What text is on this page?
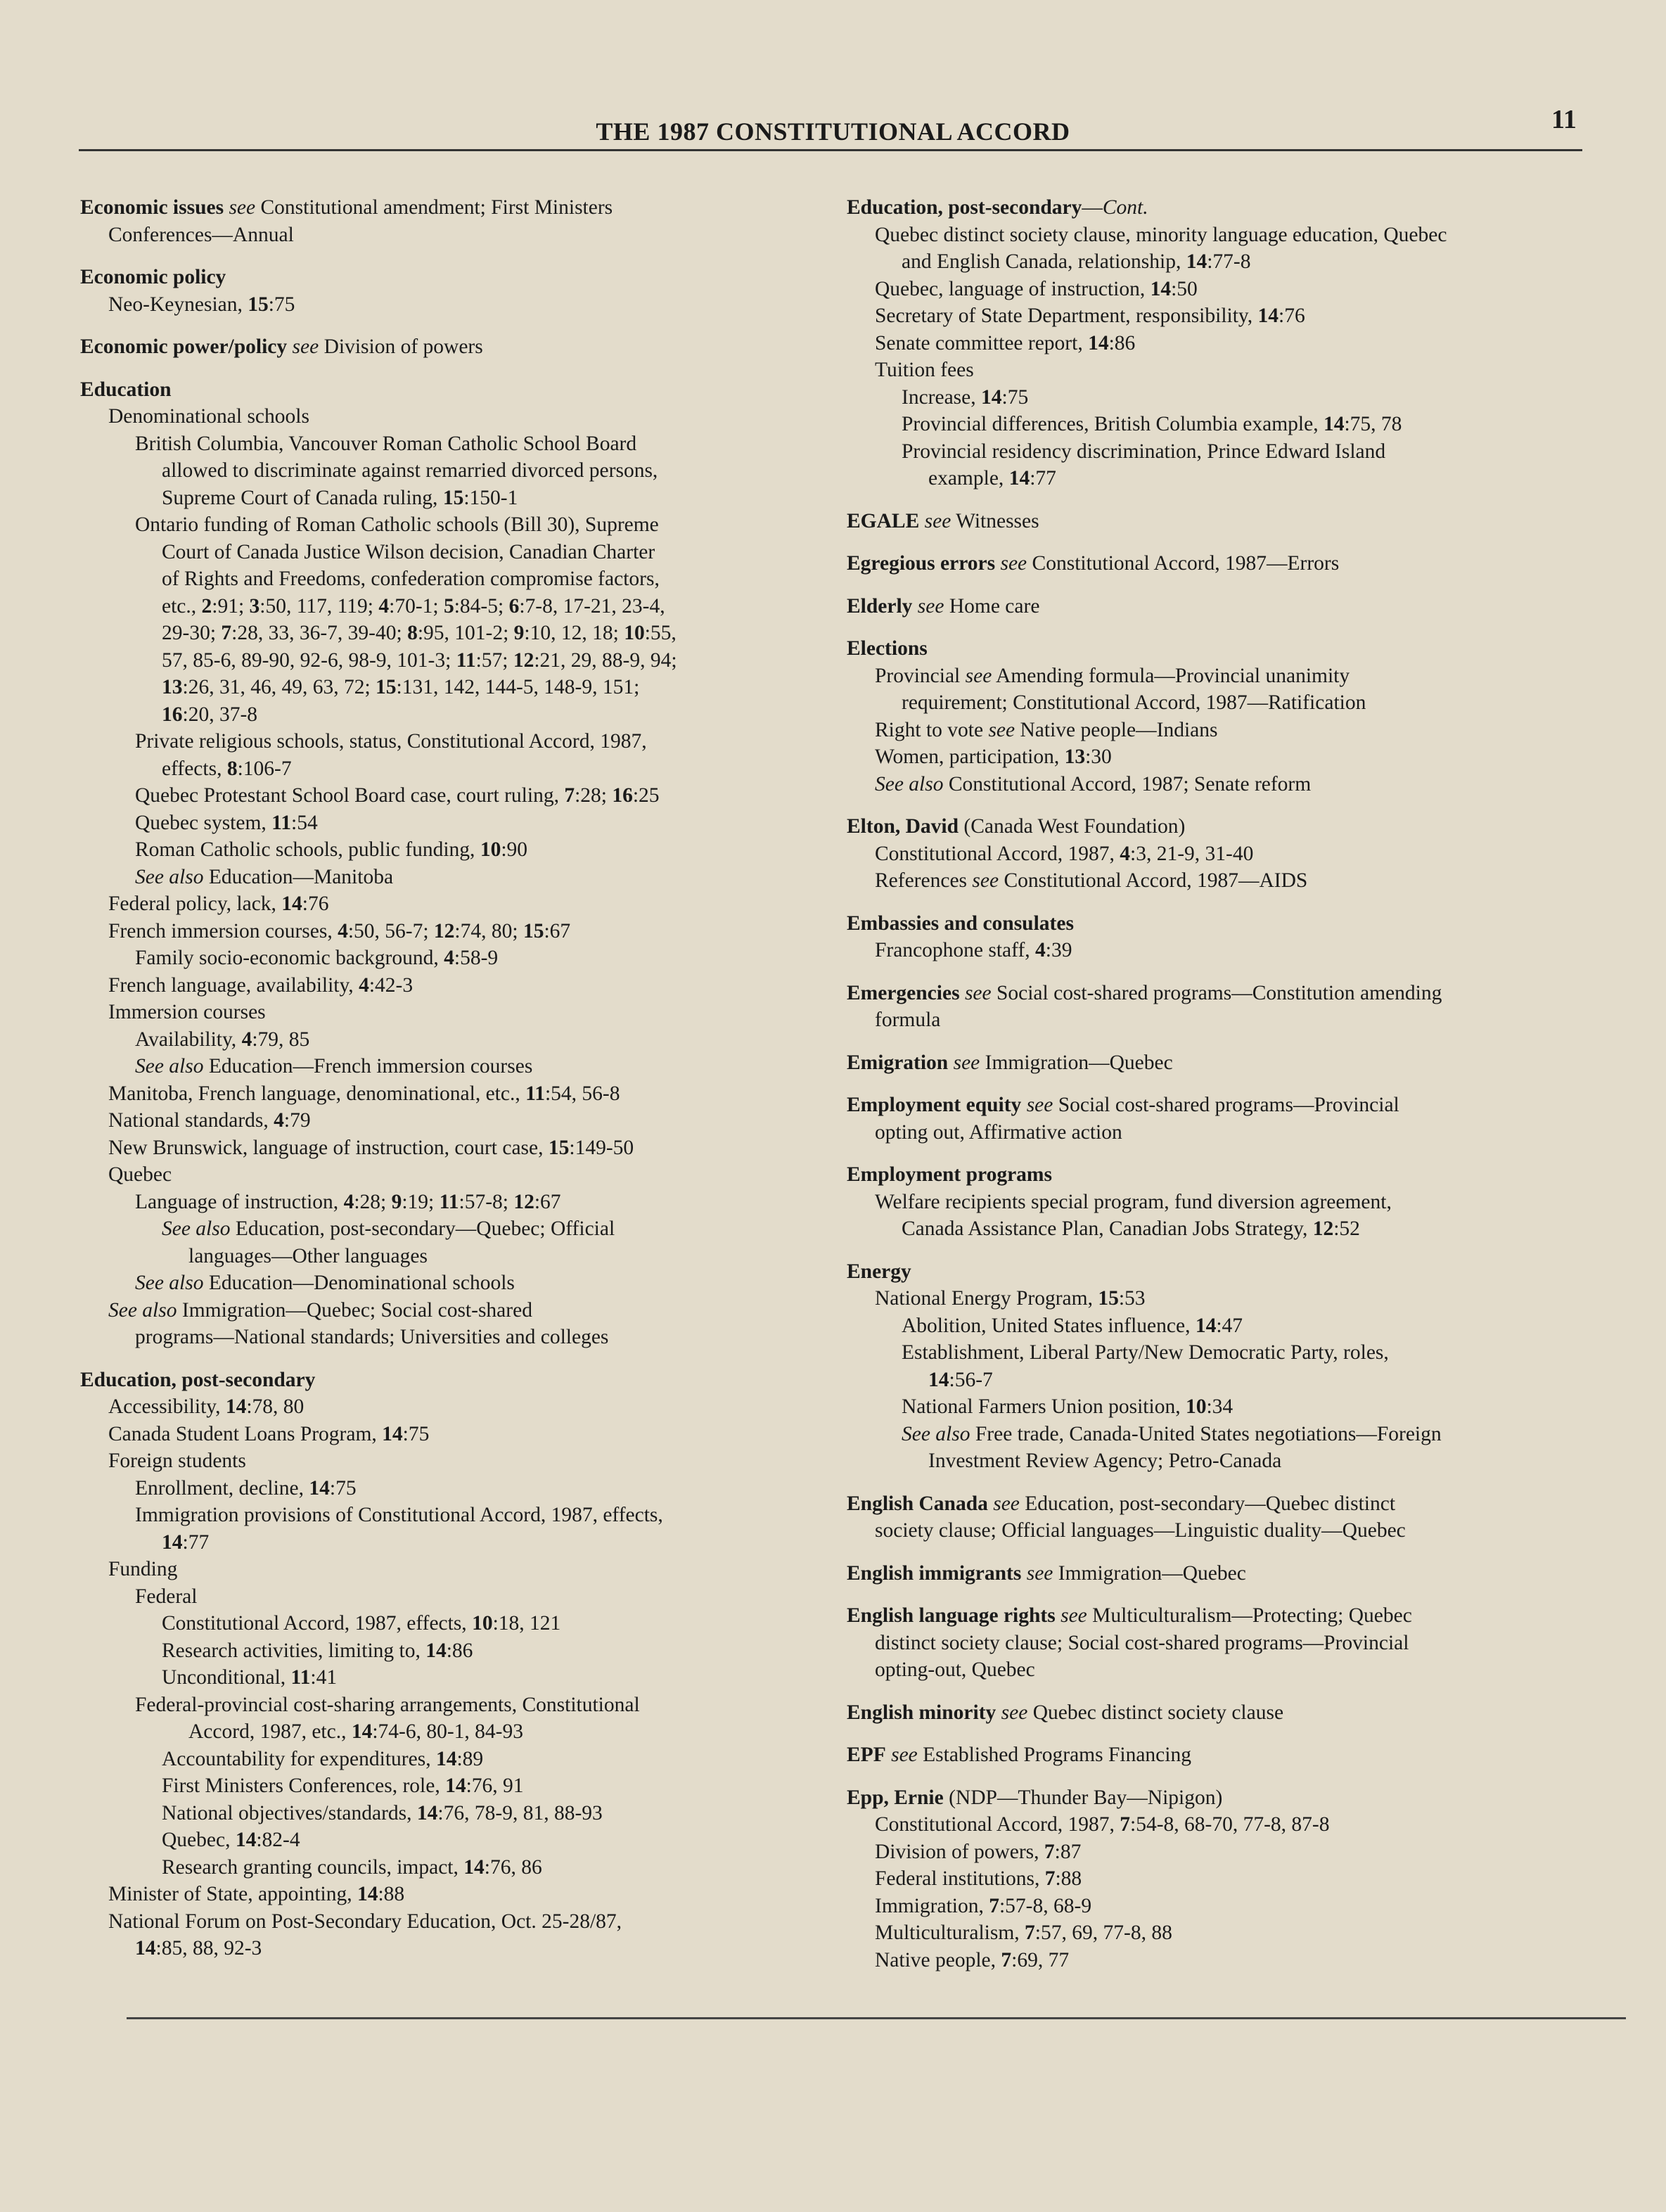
THE 1987 CONSTITUTIONAL ACCORD	11
Economic issues see Constitutional amendment; First Ministers
Conferences—Annual
Economic policy
Neo-Keynesian, 15:75
Economic power/policy see Division of powers
Education
Denominational schools
British Columbia, Vancouver Roman Catholic School Board
allowed to discriminate against remarried divorced persons,
Supreme Court of Canada ruling, 15:150-1
Ontario funding of Roman Catholic schools (Bill 30), Supreme
Court of Canada Justice Wilson decision, Canadian Charter
of Rights and Freedoms, confederation compromise factors,
etc., 2:91; 3:50, 117, 119; 4:70-1; 5:84-5; 6:7-8, 17-21, 23-4,
29-30; 7:28, 33, 36-7, 39-40; 8:95, 101-2; 9:10, 12, 18; 10:55,
57, 85-6, 89-90, 92-6, 98-9, 101-3; 11:57; 12:21, 29, 88-9, 94;
13:26, 31, 46, 49, 63, 72; 15:131, 142, 144-5, 148-9, 151;
16:20, 37-8
Private religious schools, status, Constitutional Accord, 1987,
effects, 8:106-7
Quebec Protestant School Board case, court ruling, 7:28; 16:25
Quebec system, 11:54
Roman Catholic schools, public funding, 10:90
See also Education—Manitoba
Federal policy, lack, 14:76
French immersion courses, 4:50, 56-7; 12:74, 80; 15:67
Family socio-economic background, 4:58-9
French language, availability, 4:42-3
Immersion courses
Availability, 4:79, 85
See also Education—French immersion courses
Manitoba, French language, denominational, etc., 11:54, 56-8
National standards, 4:79
New Brunswick, language of instruction, court case, 15:149-50
Quebec
Language of instruction, 4:28; 9:19; 11:57-8; 12:67
See also Education, post-secondary—Quebec; Official
languages—Other languages
See also Education—Denominational schools
See also Immigration—Quebec; Social cost-shared
programs—National standards; Universities and colleges
Education, post-secondary
Accessibility, 14:78, 80
Canada Student Loans Program, 14:75
Foreign students
Enrollment, decline, 14:75
Immigration provisions of Constitutional Accord, 1987, effects,
14:77
Funding
Federal
Constitutional Accord, 1987, effects, 10:18, 121
Research activities, limiting to, 14:86
Unconditional, 11:41
Federal-provincial cost-sharing arrangements, Constitutional
Accord, 1987, etc., 14:74-6, 80-1, 84-93
Accountability for expenditures, 14:89
First Ministers Conferences, role, 14:76, 91
National objectives/standards, 14:76, 78-9, 81, 88-93
Quebec, 14:82-4
Research granting councils, impact, 14:76, 86
Minister of State, appointing, 14:88
National Forum on Post-Secondary Education, Oct. 25-28/87,
14:85, 88, 92-3
Education, post-secondary—Cont.
Quebec distinct society clause, minority language education, Quebec
and English Canada, relationship, 14:77-8
Quebec, language of instruction, 14:50
Secretary of State Department, responsibility, 14:76
Senate committee report, 14:86
Tuition fees
Increase, 14:75
Provincial differences, British Columbia example, 14:75, 78
Provincial residency discrimination, Prince Edward Island
example, 14:77
EGALE see Witnesses
Egregious errors see Constitutional Accord, 1987—Errors
Elderly see Home care
Elections
Provincial see Amending formula—Provincial unanimity
requirement; Constitutional Accord, 1987—Ratification
Right to vote see Native people—Indians
Women, participation, 13:30
See also Constitutional Accord, 1987; Senate reform
Elton, David (Canada West Foundation)
Constitutional Accord, 1987, 4:3, 21-9, 31-40
References see Constitutional Accord, 1987—AIDS
Embassies and consulates
Francophone staff, 4:39
Emergencies see Social cost-shared programs—Constitution amending
formula
Emigration see Immigration—Quebec
Employment equity see Social cost-shared programs—Provincial
opting out, Affirmative action
Employment programs
Welfare recipients special program, fund diversion agreement,
Canada Assistance Plan, Canadian Jobs Strategy, 12:52
Energy
National Energy Program, 15:53
Abolition, United States influence, 14:47
Establishment, Liberal Party/New Democratic Party, roles,
14:56-7
National Farmers Union position, 10:34
See also Free trade, Canada-United States negotiations—Foreign
Investment Review Agency; Petro-Canada
English Canada see Education, post-secondary—Quebec distinct
society clause; Official languages—Linguistic duality—Quebec
English immigrants see Immigration—Quebec
English language rights see Multiculturalism—Protecting; Quebec
distinct society clause; Social cost-shared programs—Provincial
opting-out, Quebec
English minority see Quebec distinct society clause
EPF see Established Programs Financing
Epp, Ernie (NDP—Thunder Bay—Nipigon)
Constitutional Accord, 1987, 7:54-8, 68-70, 77-8, 87-8
Division of powers, 7:87
Federal institutions, 7:88
Immigration, 7:57-8, 68-9
Multiculturalism, 7:57, 69, 77-8, 88
Native people, 7:69, 77
